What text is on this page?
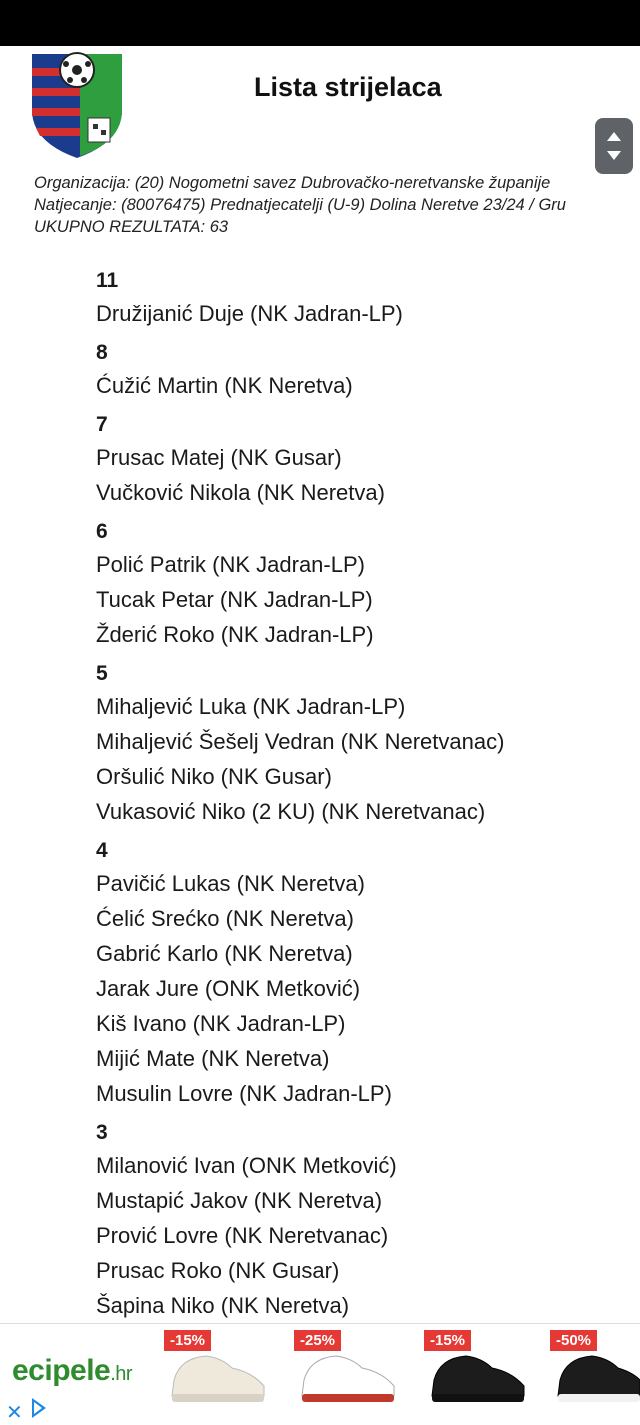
Lista strijelaca
Organizacija: (20) Nogometni savez Dubrovačko-neretvanske županije
Natjecanje: (80076475) Prednatjecatelji (U-9) Dolina Neretve 23/24 / Gru
UKUPNO REZULTATA: 63
11
Družijanić Duje (NK Jadran-LP)
8
Ćužić Martin (NK Neretva)
7
Prusac Matej (NK Gusar)
Vučković Nikola (NK Neretva)
6
Polić Patrik (NK Jadran-LP)
Tucak Petar (NK Jadran-LP)
Žderić Roko (NK Jadran-LP)
5
Mihaljević Luka (NK Jadran-LP)
Mihaljević Šešelj Vedran (NK Neretvanac)
Oršulić Niko (NK Gusar)
Vukasović Niko (2 KU) (NK Neretvanac)
4
Pavičić Lukas (NK Neretva)
Ćelić Srećko (NK Neretva)
Gabrić Karlo (NK Neretva)
Jarak Jure (ONK Metković)
Kiš Ivano (NK Jadran-LP)
Mijić Mate (NK Neretva)
Musulin Lovre (NK Jadran-LP)
3
Milanović Ivan (ONK Metković)
Mustapić Jakov (NK Neretva)
Prović Lovre (NK Neretvanac)
Prusac Roko (NK Gusar)
Šapina Niko (NK Neretva)
ecipele.hr
✕
-15%	-25%	-15%	-50%
